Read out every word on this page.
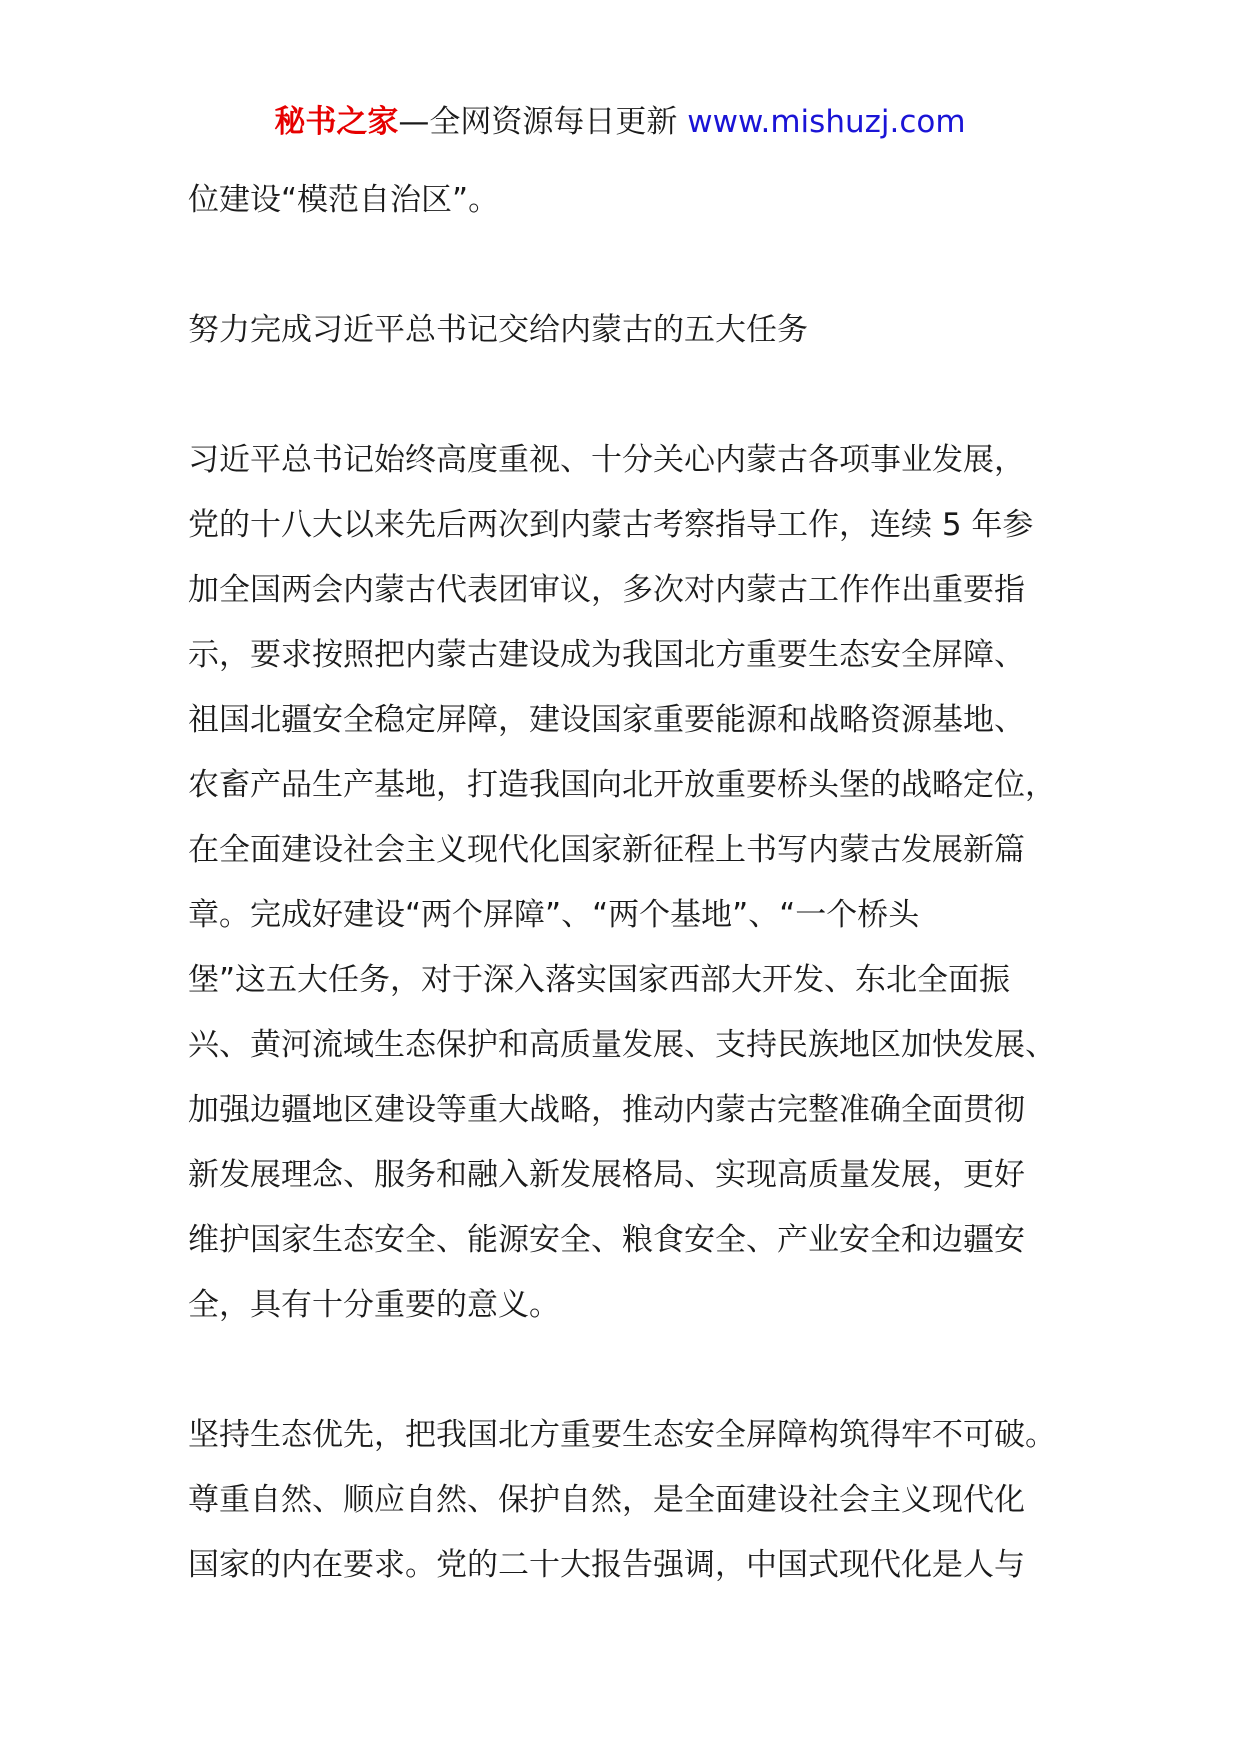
秘书之家—全网资源每日更新 www.mishuzj.com
位建设“模范自治区”。
努力完成习近平总书记交给内蒙古的五大任务
习近平总书记始终高度重视、十分关心内蒙古各项事业发展，
党的十八大以来先后两次到内蒙古考察指导工作，连续 5 年参
加全国两会内蒙古代表团审议，多次对内蒙古工作作出重要指
示，要求按照把内蒙古建设成为我国北方重要生态安全屏障、
祖国北疆安全稳定屏障，建设国家重要能源和战略资源基地、
农畜产品生产基地，打造我国向北开放重要桥头堡的战略定位，
在全面建设社会主义现代化国家新征程上书写内蒙古发展新篇
章。完成好建设“两个屏障”、“两个基地”、“一个桥头
堡”这五大任务，对于深入落实国家西部大开发、东北全面振
兴、黄河流域生态保护和高质量发展、支持民族地区加快发展、
加强边疆地区建设等重大战略，推动内蒙古完整准确全面贯彻
新发展理念、服务和融入新发展格局、实现高质量发展，更好
维护国家生态安全、能源安全、粮食安全、产业安全和边疆安
全，具有十分重要的意义。
坚持生态优先，把我国北方重要生态安全屏障构筑得牢不可破。
尊重自然、顺应自然、保护自然，是全面建设社会主义现代化
国家的内在要求。党的二十大报告强调，中国式现代化是人与
